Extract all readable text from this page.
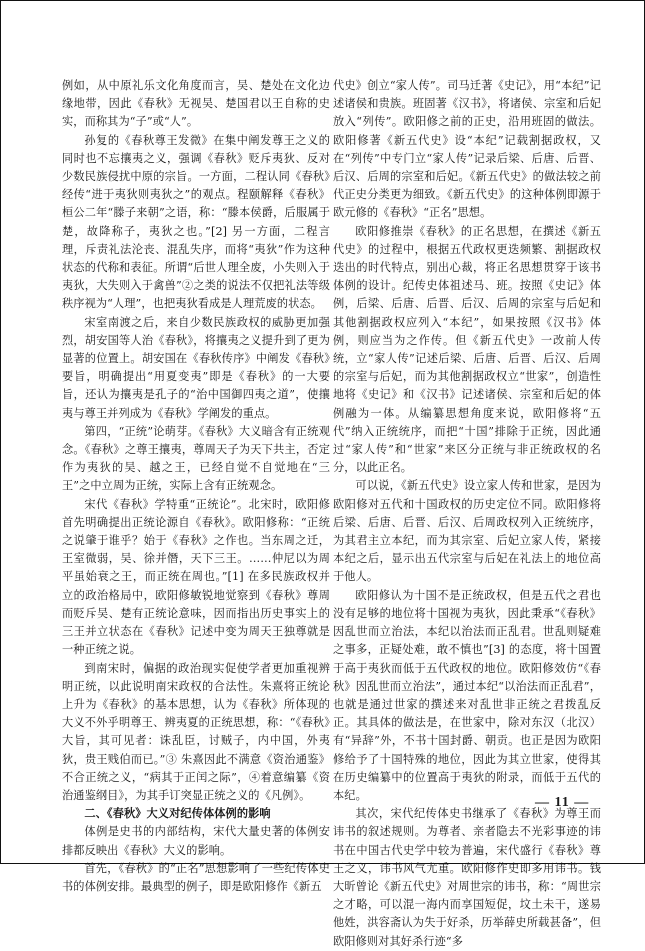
例如，从中原礼乐文化角度而言，吴、楚处在文化边缘地带，因此《春秋》无视吴、楚国君以王自称的史实，而称其为“子”或“人”。

孙复的《春秋尊王发微》在集中阐发尊王之义的同时也不忘攘夷之义，强调《春秋》贬斥夷狄、反对少数民族侵扰中原的宗旨。一方面，二程认同《春秋》经传“进于夷狄则夷狄之”的观点。程颐解释《春秋》桓公二年“滕子来朝”之语，称：“滕本侯爵，后服属于楚，故降称子，夷狄之也。”[2] 另一方面，二程言理，斥责礼法沦丧、混乱失序，而将“夷狄”作为这种状态的代称和表征。所谓“后世人理全废，小失则入于夷狄，大失则入于禽兽”②之类的说法不仅把礼法等级秩序视为“人理”，也把夷狄看成是人理荒废的状态。

宋室南渡之后，来自少数民族政权的威胁更加强烈，胡安国等人治《春秋》，将攘夷之义提升到了更为显著的位置上。胡安国在《春秋传序》中阐发《春秋》要旨，明确提出“用夏变夷”即是《春秋》的一大要旨，还认为攘夷是孔子的“治中国御四夷之道”，使攘夷与尊王并列成为《春秋》学阐发的重点。

第四，“正统”论萌芽。《春秋》大义暗含有正统观念。《春秋》之尊王攘夷，尊周天子为天下共主，否定作为夷狄的吴、越之王，已经自觉不自觉地在“三王”之中立周为正统，实际上含有正统观念。

宋代《春秋》学特重“正统论”。北宋时，欧阳修首先明确提出正统论源自《春秋》。欧阳修称：“正统之说肇于谁乎？始于《春秋》之作也。当东周之迁，王室微弱，吴、徐并僭，天下三王。……仲尼以为周平虽始衰之王，而正统在周也。”[1] 在多民族政权并立的政治格局中，欧阳修敏锐地觉察到《春秋》尊周而贬斥吴、楚有正统论意味，因而指出历史事实上的三王并立状态在《春秋》记述中变为周天王独尊就是一种正统之说。

到南宋时，偏据的政治现实促使学者更加重视辨明正统，以此说明南宋政权的合法性。朱熹将正统论上升为《春秋》的基本思想，认为《春秋》所体现的大义不外乎明尊王、辨夷夏的正统思想，称：“《春秋》大旨，其可见者：诛乱臣，讨贼子，内中国，外夷狄，贵王贱伯而已。”③ 朱熹因此不满意《资治通鉴》不合正统之义，“病其于正闰之际”，④着意编纂《资治通鉴纲目》，为其手订突显正统之义的《凡例》。

二、《春秋》大义对纪传体体例的影响

体例是史书的内部结构，宋代大量史著的体例安排都反映出《春秋》大义的影响。

首先，《春秋》的“正名”思想影响了一些纪传体史书的体例安排。最典型的例子，即是欧阳修作《新五

代史》创立“家人传”。司马迁著《史记》，用“本纪”记述诸侯和贵族。班固著《汉书》，将诸侯、宗室和后妃放入“列传”。欧阳修之前的正史，沿用班固的做法。欧阳修著《新五代史》设“本纪”记载割据政权，又在“列传”中专门立“家人传”记录后梁、后唐、后晋、后汉、后周的宗室和后妃。《新五代史》的做法较之前代正史分类更为细致。《新五代史》的这种体例即源于欧元修的《春秋》“正名”思想。

欧阳修推崇《春秋》的正名思想，在撰述《新五代史》的过程中，根据五代政权更迭频繁、割据政权迭出的时代特点，别出心裁，将正名思想贯穿于该书体例的设计。纪传史体祖述马、班。按照《史记》体例，后梁、后唐、后晋、后汉、后周的宗室与后妃和其他割据政权应列入“本纪”，如果按照《汉书》体例，则应当为之作传。但《新五代史》一改前人传统，立“家人传”记述后梁、后唐、后晋、后汉、后周的宗室与后妃，而为其他割据政权立“世家”，创造性地将《史记》和《汉书》记述诸侯、宗室和后妃的体例融为一体。从编纂思想角度来说，欧阳修将“五代”纳入正统统序，而把“十国”排除于正统，因此通过“家人传”和“世家”来区分正统与非正统政权的名分，以此正名。

可以说，《新五代史》设立家人传和世家，是因为欧阳修对五代和十国政权的历史定位不同。欧阳修将后梁、后唐、后晋、后汉、后周政权列入正统统序，为其君主立本纪，而为其宗室、后妃立家人传，紧接本纪之后，显示出五代宗室与后妃在礼法上的地位高于他人。

欧阳修认为十国不是正统政权，但是五代之君也没有足够的地位将十国视为夷狄，因此秉承“《春秋》因乱世而立治法，本纪以治法而正乱君。世乱则疑难之事多，正疑处难，敢不慎也”[3] 的态度，将十国置于高于夷狄而低于五代政权的地位。欧阳修效仿“《春秋》因乱世而立治法”，通过本纪“以治法而正乱君”，也就是通过世家的撰述来对乱世非正统之君拨乱反正。其具体的做法是，在世家中，除对东汉（北汉）有“异辞”外，不书十国封爵、朝贡。也正是因为欧阳修给予了十国特殊的地位，因此为其立世家，使得其在历史编纂中的位置高于夷狄的附录，而低于五代的本纪。

其次，宋代纪传体史书继承了《春秋》为尊王而讳书的叙述规则。为尊者、亲者隐去不光彩事迹的讳书在中国古代史学中较为普遍，宋代盛行《春秋》尊王之义，讳书风气尤重。欧阳修作史即多用讳书。钱大昕曾论《新五代史》对周世宗的讳书，称：“周世宗之才略，可以混一海内而享国短促，坟土未干，遂易他姓，洪容斋认为失于好杀，历举薛史所载甚备”，但欧阳修则对其好杀行迹“多

— 11 —
